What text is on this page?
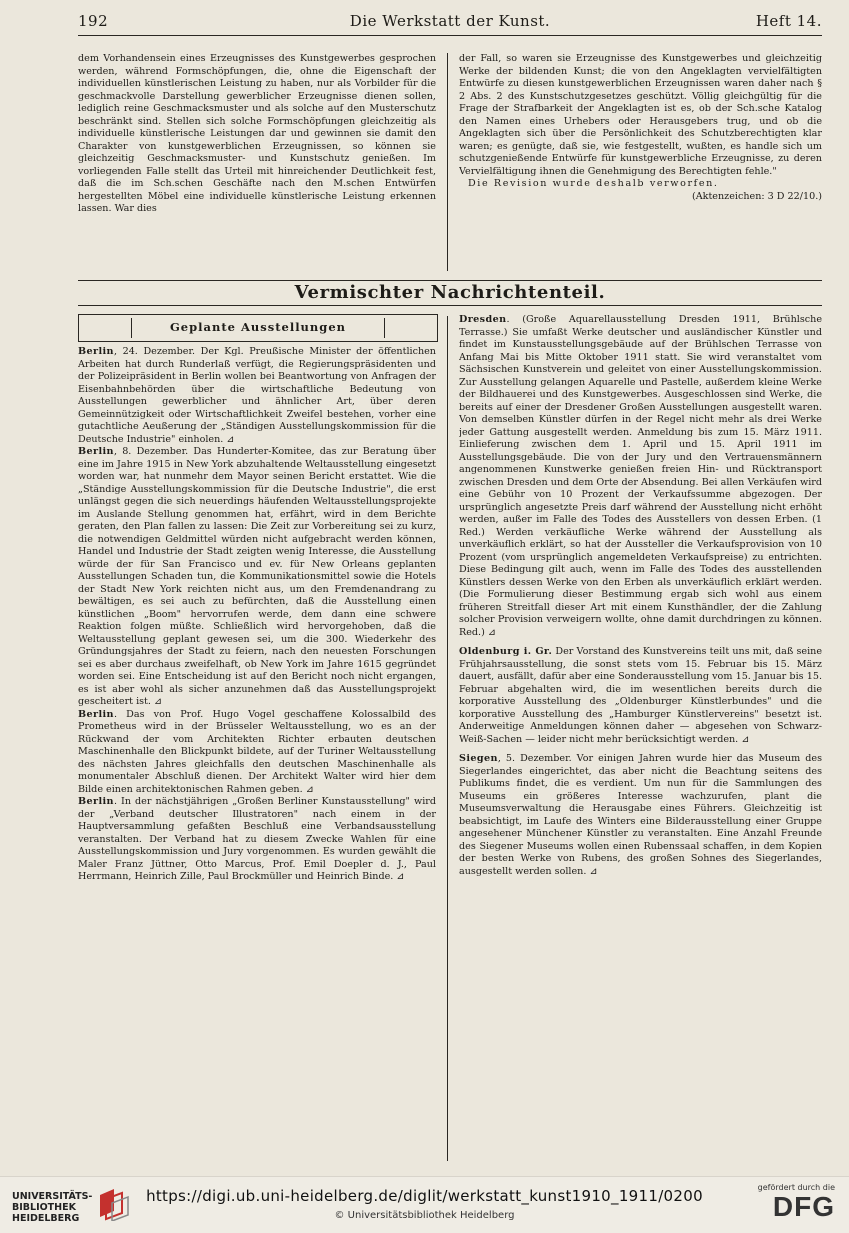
192	Die Werkstatt der Kunst.	Heft 14.

dem Vorhandensein eines Erzeugnisses des Kunstgewerbes gesprochen werden, während Formschöpfungen, die, ohne die Eigenschaft der individuellen künstlerischen Leistung zu haben, nur als Vorbilder für die geschmackvolle Darstellung gewerblicher Erzeugnisse dienen sollen, lediglich reine Geschmacksmuster und als solche auf den Musterschutz beschränkt sind. Stellen sich solche Formschöpfungen gleichzeitig als individuelle künstlerische Leistungen dar und gewinnen sie damit den Charakter von kunstgewerblichen Erzeugnissen, so können sie gleichzeitig Geschmacksmuster- und Kunstschutz genießen. Im vorliegenden Falle stellt das Urteil mit hinreichender Deutlichkeit fest, daß die im Sch.schen Geschäfte nach den M.schen Entwürfen hergestellten Möbel eine individuelle künstlerische Leistung erkennen lassen. War dies

der Fall, so waren sie Erzeugnisse des Kunstgewerbes und gleichzeitig Werke der bildenden Kunst; die von den Angeklagten vervielfältigten Entwürfe zu diesen kunstgewerblichen Erzeugnissen waren daher nach § 2 Abs. 2 des Kunstschutzgesetzes geschützt. Völlig gleichgültig für die Frage der Strafbarkeit der Angeklagten ist es, ob der Sch.sche Katalog den Namen eines Urhebers oder Herausgebers trug, und ob die Angeklagten sich über die Persönlichkeit des Schutzberechtigten klar waren; es genügte, daß sie, wie festgestellt, wußten, es handle sich um schutzgenießende Entwürfe für kunstgewerbliche Erzeugnisse, zu deren Vervielfältigung ihnen die Genehmigung des Berechtigten fehle."

Die Revision wurde deshalb verworfen.

(Aktenzeichen: 3 D 22/10.)

Vermischter Nachrichtenteil.
Geplante Ausstellungen

Berlin, 24. Dezember. Der Kgl. Preußische Minister der öffentlichen Arbeiten hat durch Runderlaß verfügt, die Regierungspräsidenten und der Polizeipräsident in Berlin wollen bei Beantwortung von Anfragen der Eisenbahnbehörden über die wirtschaftliche Bedeutung von Ausstellungen gewerblicher und ähnlicher Art, über deren Gemeinnützigkeit oder Wirtschaftlichkeit Zweifel bestehen, vorher eine gutachtliche Aeußerung der „Ständigen Ausstellungskommission für die Deutsche Industrie" einholen. ⊿

Berlin, 8. Dezember. Das Hunderter-Komitee, das zur Beratung über eine im Jahre 1915 in New York abzuhaltende Weltausstellung eingesetzt worden war, hat nunmehr dem Mayor seinen Bericht erstattet. Wie die „Ständige Ausstellungskommission für die Deutsche Industrie", die erst unlängst gegen die sich neuerdings häufenden Weltausstellungsprojekte im Auslande Stellung genommen hat, erfährt, wird in dem Berichte geraten, den Plan fallen zu lassen: Die Zeit zur Vorbereitung sei zu kurz, die notwendigen Geldmittel würden nicht aufgebracht werden können, Handel und Industrie der Stadt zeigten wenig Interesse, die Ausstellung würde der für San Francisco und ev. für New Orleans geplanten Ausstellungen Schaden tun, die Kommunikationsmittel sowie die Hotels der Stadt New York reichten nicht aus, um den Fremdenandrang zu bewältigen, es sei auch zu befürchten, daß die Ausstellung einen künstlichen „Boom" hervorrufen werde, dem dann eine schwere Reaktion folgen müßte. Schließlich wird hervorgehoben, daß die Weltausstellung geplant gewesen sei, um die 300. Wiederkehr des Gründungsjahres der Stadt zu feiern, nach den neuesten Forschungen sei es aber durchaus zweifelhaft, ob New York im Jahre 1615 gegründet worden sei. Eine Entscheidung ist auf den Bericht noch nicht ergangen, es ist aber wohl als sicher anzunehmen daß das Ausstellungsprojekt gescheitert ist. ⊿

Berlin. Das von Prof. Hugo Vogel geschaffene Kolossalbild des Prometheus wird in der Brüsseler Weltausstellung, wo es an der Rückwand der vom Architekten Richter erbauten deutschen Maschinenhalle den Blickpunkt bildete, auf der Turiner Weltausstellung des nächsten Jahres gleichfalls den deutschen Maschinenhalle als monumentaler Abschluß dienen. Der Architekt Walter wird hier dem Bilde einen architektonischen Rahmen geben. ⊿

Berlin. In der nächstjährigen „Großen Berliner Kunstausstellung" wird der „Verband deutscher Illustratoren" nach einem in der Hauptversammlung gefaßten Beschluß eine Verbandsausstellung veranstalten. Der Verband hat zu diesem Zwecke Wahlen für eine Ausstellungskommission und Jury vorgenommen. Es wurden gewählt die Maler Franz Jüttner, Otto Marcus, Prof. Emil Doepler d. J., Paul Herrmann, Heinrich Zille, Paul Brockmüller und Heinrich Binde. ⊿

Dresden. (Große Aquarellausstellung Dresden 1911, Brühlsche Terrasse.) Sie umfaßt Werke deutscher und ausländischer Künstler und findet im Kunstausstellungsgebäude auf der Brühlschen Terrasse von Anfang Mai bis Mitte Oktober 1911 statt. Sie wird veranstaltet vom Sächsischen Kunstverein und geleitet von einer Ausstellungskommission. Zur Ausstellung gelangen Aquarelle und Pastelle, außerdem kleine Werke der Bildhauerei und des Kunstgewerbes. Ausgeschlossen sind Werke, die bereits auf einer der Dresdener Großen Ausstellungen ausgestellt waren. Von demselben Künstler dürfen in der Regel nicht mehr als drei Werke jeder Gattung ausgestellt werden. Anmeldung bis zum 15. März 1911. Einlieferung zwischen dem 1. April und 15. April 1911 im Ausstellungsgebäude. Die von der Jury und den Vertrauensmännern angenommenen Kunstwerke genießen freien Hin- und Rücktransport zwischen Dresden und dem Orte der Absendung. Bei allen Verkäufen wird eine Gebühr von 10 Prozent der Verkaufssumme abgezogen. Der ursprünglich angesetzte Preis darf während der Ausstellung nicht erhöht werden, außer im Falle des Todes des Ausstellers von dessen Erben. (1 Red.) Werden verkäufliche Werke während der Ausstellung als unverkäuflich erklärt, so hat der Aussteller die Verkaufsprovision von 10 Prozent (vom ursprünglich angemeldeten Verkaufspreise) zu entrichten. Diese Bedingung gilt auch, wenn im Falle des Todes des ausstellenden Künstlers dessen Werke von den Erben als unverkäuflich erklärt werden. (Die Formulierung dieser Bestimmung ergab sich wohl aus einem früheren Streitfall dieser Art mit einem Kunsthändler, der die Zahlung solcher Provision verweigern wollte, ohne damit durchdringen zu können. Red.) ⊿

Oldenburg i. Gr. Der Vorstand des Kunstvereins teilt uns mit, daß seine Frühjahrsausstellung, die sonst stets vom 15. Februar bis 15. März dauert, ausfällt, dafür aber eine Sonderausstellung vom 15. Januar bis 15. Februar abgehalten wird, die im wesentlichen bereits durch die korporative Ausstellung des „Oldenburger Künstlerbundes" und die korporative Ausstellung des „Hamburger Künstlervereins" besetzt ist. Anderweitige Anmeldungen können daher — abgesehen von Schwarz-Weiß-Sachen — leider nicht mehr berücksichtigt werden. ⊿

Siegen, 5. Dezember. Vor einigen Jahren wurde hier das Museum des Siegerlandes eingerichtet, das aber nicht die Beachtung seitens des Publikums findet, die es verdient. Um nun für die Sammlungen des Museums ein größeres Interesse wachzurufen, plant die Museumsverwaltung die Herausgabe eines Führers. Gleichzeitig ist beabsichtigt, im Laufe des Winters eine Bilderausstellung einer Gruppe angesehener Münchener Künstler zu veranstalten. Eine Anzahl Freunde des Siegener Museums wollen einen Rubenssaal schaffen, in dem Kopien der besten Werke von Rubens, des großen Sohnes des Siegerlandes, ausgestellt werden sollen. ⊿

UNIVERSITÄTS-
BIBLIOTHEK
HEIDELBERG
https://digi.ub.uni-heidelberg.de/diglit/werkstatt_kunst1910_1911/0200
© Universitätsbibliothek Heidelberg
gefördert durch die
DFG
